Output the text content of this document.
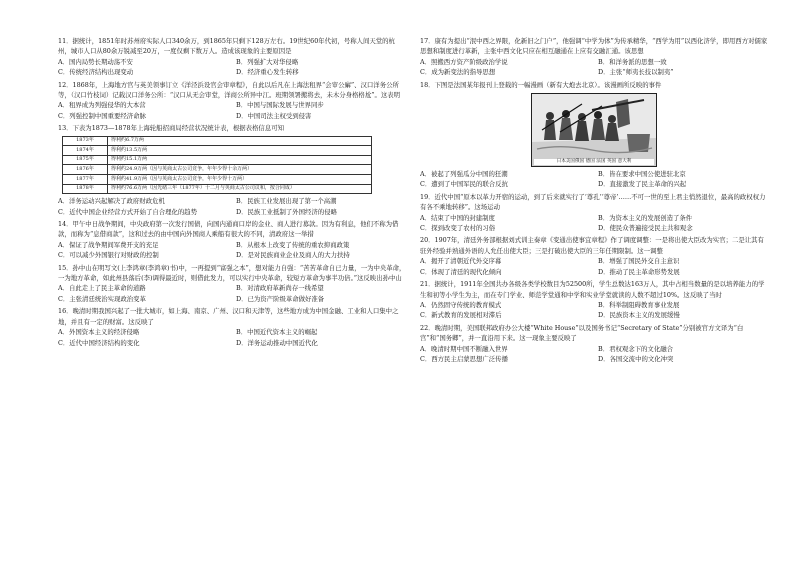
11．据统计，1851年时苏州府实际人口340余万，到1865年只剩下128万左右。19世纪60年代初，号称人间天堂的杭州，城市人口从80余万锐减至20万，一度仅剩下数万人。造成该现象的主要原因是
A．国内局势长期动荡不安	B．列强扩大对华侵略
C．传统经济结构出现变动	D．经济重心发生转移
12．1868年，上海地方官与英美领事订立《洋泾浜设官会审章程》，自此以后凡在上海法租界“会审公廨”、汉口洋务公所等，（汉口竹枝词）记载汉口洋务公所：“汉口从无会审堂，洋商公所异中江。班期领署搬将去，未木分身格格尬”。这表明
A．租界成为列强侵华的大本营	B．中国与国际发展与世界同步
C．列强控制中国重要经济命脉	D．中国司法主权受到侵害
13．下表为1873—1878年上海轮船招商局经营状况统计表，根据表格信息可知
1873年	得利约6.7万两
1874年	得利约13.5万两
1875年	得利约15.1万两
1876年	得利约24.9万两（因与英商太古公司竞争，年年少得十余万两）
1877年	得利约41.9万两（因与英商太古公司竞争，年年少得十万两）
1878年	得利约76.6万两（因光绪三年（1877年）十二月与英商太古公司议和，按合同成）
A．洋务运动兴起解决了政府财政危机	B．民族工业发展出现了第一个高潮
C．近代中国企业经营方式开始了自合理化的趋势	D．民族工业抵制了外国经济的侵略
14．甲午中日战争期间，中央政府第一次发行国债，向国内通商口岸的金业、商人进行募款。因为有利息，他们不称为借款，而称为“息借商款”，这和过去的由中国向外国商人乘船有很大的不同，清政府这一举措
A．保证了战争期间军费开支的充足	B．从根本上改变了传统的重农抑商政策
C．可以减少外国银行对财政的控制	D．是对民族商业企业及商人的大力扶持
15．孙中山在明写文(上李鸿章(李鸿章)书)中，一再提到“富强之本”，想对能力自强：“苦苦革命自已力量，一为中央革命，一为地方革命，如此州县落后(李)调得最近时，则借此发力，可以实行中央革命，较短方革命为事半功倍。”这反映出孙中山
A．自此走上了民主革命的道路	B．对清政府革新尚存一线希望
C．主张清廷统治实现政治变革	D．已为资产阶级革命做好准备
16．晚清时期我国兴起了一批大城市，如上海、南京、广州、汉口和天津等，这些地方成为中国金融、工业和人口集中之地，并且有一定的财富。这反映了
A．外国资本主义的经济侵略	B．中国近代资本主义的崛起
C．近代中国经济结构的变化	D．洋务运动推动中国近代化
17．康有为提出“泯中西之界限，化新旧之门户”，他强调“中学为体”为传承精华，“西学为用”以西化济学，即用西方对儒家思想和制度进行革新，主张中西文化只应在相互融通在上应有交融汇通。该思想
A．照搬西方资产阶级政治学说	B．和洋务派的思想一致
C．成为新变法的指导思想	D．主张“师夷长技以制夷”
18．下图是法国某年报刊上登载的一幅漫画（新有大炮去北京）。该漫画所反映的事件
日本美国俄国 德国 法国 英国 意大利
A．被起了列强瓜分中国的狂潮	B．皆在要求中国公使进驻北京
C．遭到了中国军民的联合反抗	D．直接激发了民主革命的兴起
19．近代中国“原本以革力开宿的运动，到了后来就实行了‘尊孔’‘尊帝’……不可一世的至上君主悄然退位，最高的政权权力有各不乘地转移”。这场运动
A．结束了中国的封建制度	B．为资本主义的发展创造了条件
C．探到改变了农村的习俗	D．使民众普遍接受民主共和观念
20．1907年，清廷外务部根据刘式训主奏章《变通出使事宜章程》作了调度调整：一是将出使大臣改为实官；二是让其有驻外经验并熟通外语的人允任出使大臣；三是打破出使大臣的三年任期限制。这一调整
A．揭开了清朝近代外交序幕	B．增强了国民外交自主意识
C．体现了清廷的现代化倾向	D．推动了民主革命形势发展
21．据统计，1911年全国共办各级各类学校数目为52500所，学生总数达163万人，其中占相当数量的是以培养能力的学生和初等小学生为主，而在专门学业、师范学堂通和中学和实业学堂就读的人数不超过10%。这反映了当时
A．仍然固守传统的教育模式	B．科举制阻碍教育事业发展
C．新式教育的发展相对滞后	D．民族资本主义的发展缓慢
22．晚清时期，美国联邦政府办公大楼“White House”以及国务书记“Secretary of State”分别被官方文译为“白宫”和“国务卿”，并一直沿用下来。这一现象主要反映了
A．晚清时期中国不断融入世界	B．君权观念下的文化融合
C．西方民主启蒙思想广泛传播	D．各国交流中的文化冲突
